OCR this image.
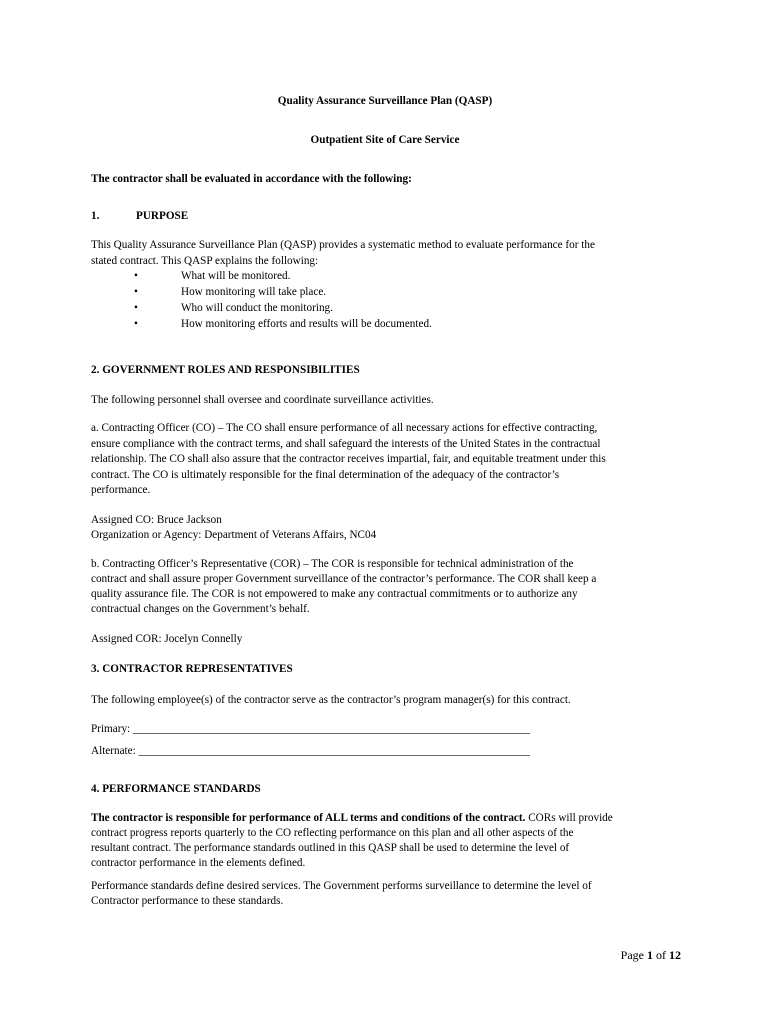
Quality Assurance Surveillance Plan (QASP)
Outpatient Site of Care Service
The contractor shall be evaluated in accordance with the following:
1.	PURPOSE
This Quality Assurance Surveillance Plan (QASP) provides a systematic method to evaluate performance for the
stated contract. This QASP explains the following:
•	What will be monitored.
•	How monitoring will take place.
•	Who will conduct the monitoring.
•	How monitoring efforts and results will be documented.
2. GOVERNMENT ROLES AND RESPONSIBILITIES
The following personnel shall oversee and coordinate surveillance activities.
a. Contracting Officer (CO) – The CO shall ensure performance of all necessary actions for effective contracting,
ensure compliance with the contract terms, and shall safeguard the interests of the United States in the contractual
relationship. The CO shall also assure that the contractor receives impartial, fair, and equitable treatment under this
contract. The CO is ultimately responsible for the final determination of the adequacy of the contractor’s
performance.
Assigned CO: Bruce Jackson
Organization or Agency: Department of Veterans Affairs, NC04
b. Contracting Officer’s Representative (COR) – The COR is responsible for technical administration of the
contract and shall assure proper Government surveillance of the contractor’s performance. The COR shall keep a
quality assurance file. The COR is not empowered to make any contractual commitments or to authorize any
contractual changes on the Government’s behalf.
Assigned COR: Jocelyn Connelly
3. CONTRACTOR REPRESENTATIVES
The following employee(s) of the contractor serve as the contractor’s program manager(s) for this contract.
Primary: _______________________________________________________________________
Alternate: ______________________________________________________________________
4. PERFORMANCE STANDARDS
The contractor is responsible for performance of ALL terms and conditions of the contract. CORs will provide
contract progress reports quarterly to the CO reflecting performance on this plan and all other aspects of the
resultant contract. The performance standards outlined in this QASP shall be used to determine the level of
contractor performance in the elements defined.
Performance standards define desired services. The Government performs surveillance to determine the level of
Contractor performance to these standards.
Page 1 of 12
